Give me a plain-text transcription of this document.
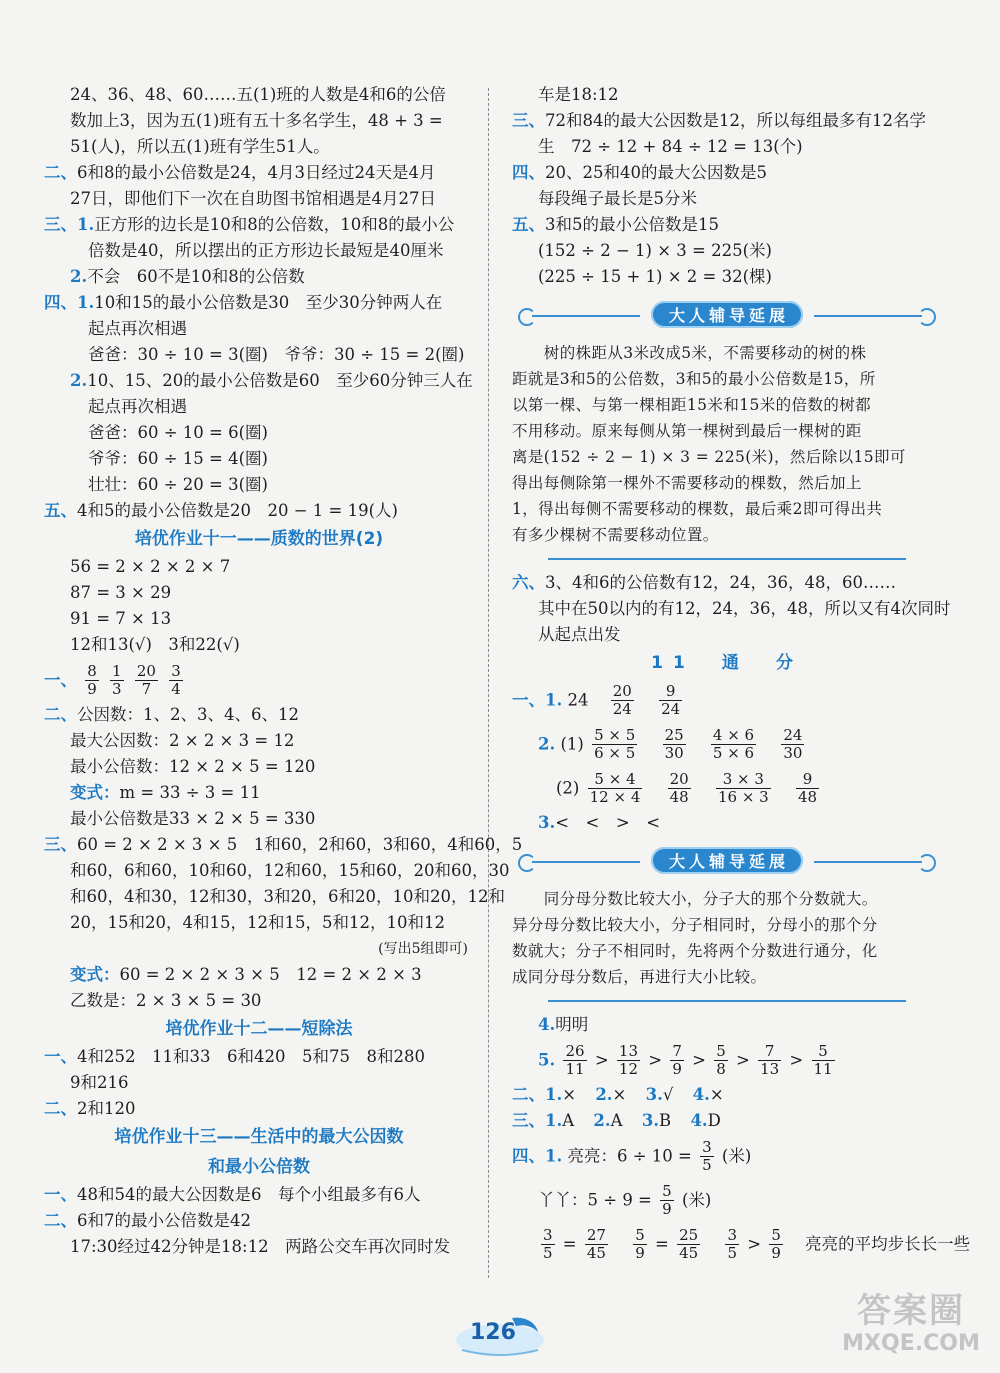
24、36、48、60……五(1)班的人数是4和6的公倍
数加上3，因为五(1)班有五十多名学生，48 + 3 =
51(人)，所以五(1)班有学生51人。
二、6和8的最小公倍数是24，4月3日经过24天是4月
27日，即他们下一次在自助图书馆相遇是4月27日
三、1.正方形的边长是10和8的公倍数，10和8的最小公
倍数是40，所以摆出的正方形边长最短是40厘米
2.不会　60不是10和8的公倍数
四、1.10和15的最小公倍数是30　至少30分钟两人在
起点再次相遇
爸爸：30 ÷ 10 = 3(圈)　爷爷：30 ÷ 15 = 2(圈)
2.10、15、20的最小公倍数是60　至少60分钟三人在
起点再次相遇
爸爸：60 ÷ 10 = 6(圈)
爷爷：60 ÷ 15 = 4(圈)
壮壮：60 ÷ 20 = 3(圈)
五、4和5的最小公倍数是20　20 − 1 = 19(人)
培优作业十一——质数的世界(2)
56 = 2 × 2 × 2 × 7
87 = 3 × 29
91 = 7 × 13
12和13(√)　3和22(√)
一、 $\frac{8}{9}$
$\frac{1}{3}$
$\frac{20}{7}$
$\frac{3}{4}$
二、公因数：1、2、3、4、6、12
最大公因数：2 × 2 × 3 = 12
最小公倍数：12 × 2 × 5 = 120
变式：m = 33 ÷ 3 = 11
最小公倍数是33 × 2 × 5 = 330
三、60 = 2 × 2 × 3 × 5　1和60，2和60，3和60，4和60，5
和60，6和60，10和60，12和60，15和60，20和60，30
和60，4和30，12和30，3和20，6和20，10和20，12和
20，15和20，4和15，12和15，5和12，10和12
(写出5组即可)
变式：60 = 2 × 2 × 3 × 5　12 = 2 × 2 × 3
乙数是：2 × 3 × 5 = 30
培优作业十二——短除法
一、4和252　11和33　6和420　5和75　8和280
9和216
二、2和120
培优作业十三——生活中的最大公因数
和最小公倍数
一、48和54的最大公因数是6　每个小组最多有6人
二、6和7的最小公倍数是42
17:30经过42分钟是18:12　两路公交车再次同时发
车是18:12
三、72和84的最大公因数是12，所以每组最多有12名学
生　72 ÷ 12 + 84 ÷ 12 = 13(个)
四、20、25和40的最大公因数是5
每段绳子最长是5分米
五、3和5的最小公倍数是15
(152 ÷ 2 − 1) × 3 = 225(米)
(225 ÷ 15 + 1) × 2 = 32(棵)
大人辅导延展
　　树的株距从3米改成5米，不需要移动的树的株
距就是3和5的公倍数，3和5的最小公倍数是15，所
以第一棵、与第一棵相距15米和15米的倍数的树都
不用移动。原来每侧从第一棵树到最后一棵树的距
离是(152 ÷ 2 − 1) × 3 = 225(米)，然后除以15即可
得出每侧除第一棵外不需要移动的棵数，然后加上
1，得出每侧不需要移动的棵数，最后乘2即可得出共
有多少棵树不需要移动位置。
六、3、4和6的公倍数有12，24，36，48，60……
其中在50以内的有12，24，36，48，所以又有4次同时
从起点出发
11　通　分
一、1. $24 \frac{20}{24}$
$\frac{9}{24}$
2. $(1) \frac{5 \times 5}{6 \times 5}$
$\frac{25}{30}$
$\frac{4 \times 6}{5 \times 6}$
$\frac{24}{30}$
$(2) \frac{5 \times 4}{12 \times 4}$
$\frac{20}{48}$
$\frac{3 \times 3}{16 \times 3}$
$\frac{9}{48}$
3.<　<　>　<
大人辅导延展
　　同分母分数比较大小，分子大的那个分数就大。
异分母分数比较大小，分子相同时，分母小的那个分
数就大；分子不相同时，先将两个分数进行通分，化
成同分母分数后，再进行大小比较。
4.明明
5. $\frac{26}{11} > \frac{13}{12} > \frac{7}{9} > \frac{5}{8} > \frac{7}{13} > \frac{5}{11}$
二、1.× 2.× 3.√ 4.×
三、1.A 2.A 3.B 4.D
四、1. 亮亮：$6 \div 10 = \frac{3}{5}$ (米)
丫丫：$5 \div 9 = \frac{5}{9}$ (米)
$\frac{3}{5} = \frac{27}{45}$
$\frac{5}{9} = \frac{25}{45}$
$\frac{3}{5} > \frac{5}{9}$ 亮亮的平均步长长一些
126
答案圈
MXQE.COM
